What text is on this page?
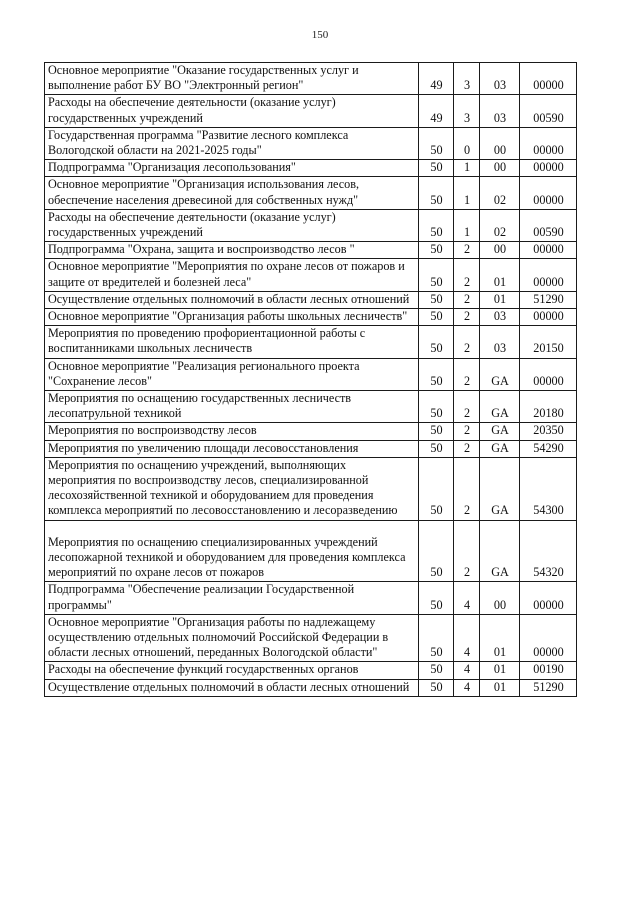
150
Основное мероприятие "Оказание государственных услуг и выполнение работ БУ ВО "Электронный регион"	49	3	03	00000
Расходы на обеспечение деятельности (оказание услуг) государственных учреждений	49	3	03	00590
Государственная программа "Развитие лесного комплекса Вологодской области на 2021-2025 годы"	50	0	00	00000
Подпрограмма "Организация лесопользования"	50	1	00	00000
Основное мероприятие "Организация использования лесов, обеспечение населения древесиной для собственных нужд"	50	1	02	00000
Расходы на обеспечение деятельности (оказание услуг) государственных учреждений	50	1	02	00590
Подпрограмма "Охрана, защита и воспроизводство лесов "	50	2	00	00000
Основное мероприятие "Мероприятия по охране лесов от пожаров и защите от вредителей и болезней леса"	50	2	01	00000
Осуществление отдельных полномочий в области лесных отношений	50	2	01	51290
Основное мероприятие "Организация работы школьных лесничеств"	50	2	03	00000
Мероприятия по проведению профориентационной работы с воспитанниками школьных лесничеств	50	2	03	20150
Основное мероприятие "Реализация регионального проекта "Сохранение лесов"	50	2	GA	00000
Мероприятия по оснащению государственных лесничеств лесопатрульной техникой	50	2	GA	20180
Мероприятия по воспроизводству лесов	50	2	GA	20350
Мероприятия по увеличению площади лесовосстановления	50	2	GA	54290
Мероприятия по оснащению учреждений, выполняющих мероприятия по воспроизводству лесов, специализированной лесохозяйственной техникой и оборудованием для проведения комплекса мероприятий по лесовосстановлению и лесоразведению	50	2	GA	54300
Мероприятия по оснащению специализированных учреждений лесопожарной техникой и оборудованием для проведения комплекса мероприятий по охране лесов от пожаров	50	2	GA	54320
Подпрограмма "Обеспечение реализации Государственной программы"	50	4	00	00000
Основное мероприятие "Организация работы по надлежащему осуществлению отдельных полномочий Российской Федерации в области лесных отношений, переданных Вологодской области"	50	4	01	00000
Расходы на обеспечение функций государственных органов	50	4	01	00190
Осуществление отдельных полномочий в области лесных отношений	50	4	01	51290
